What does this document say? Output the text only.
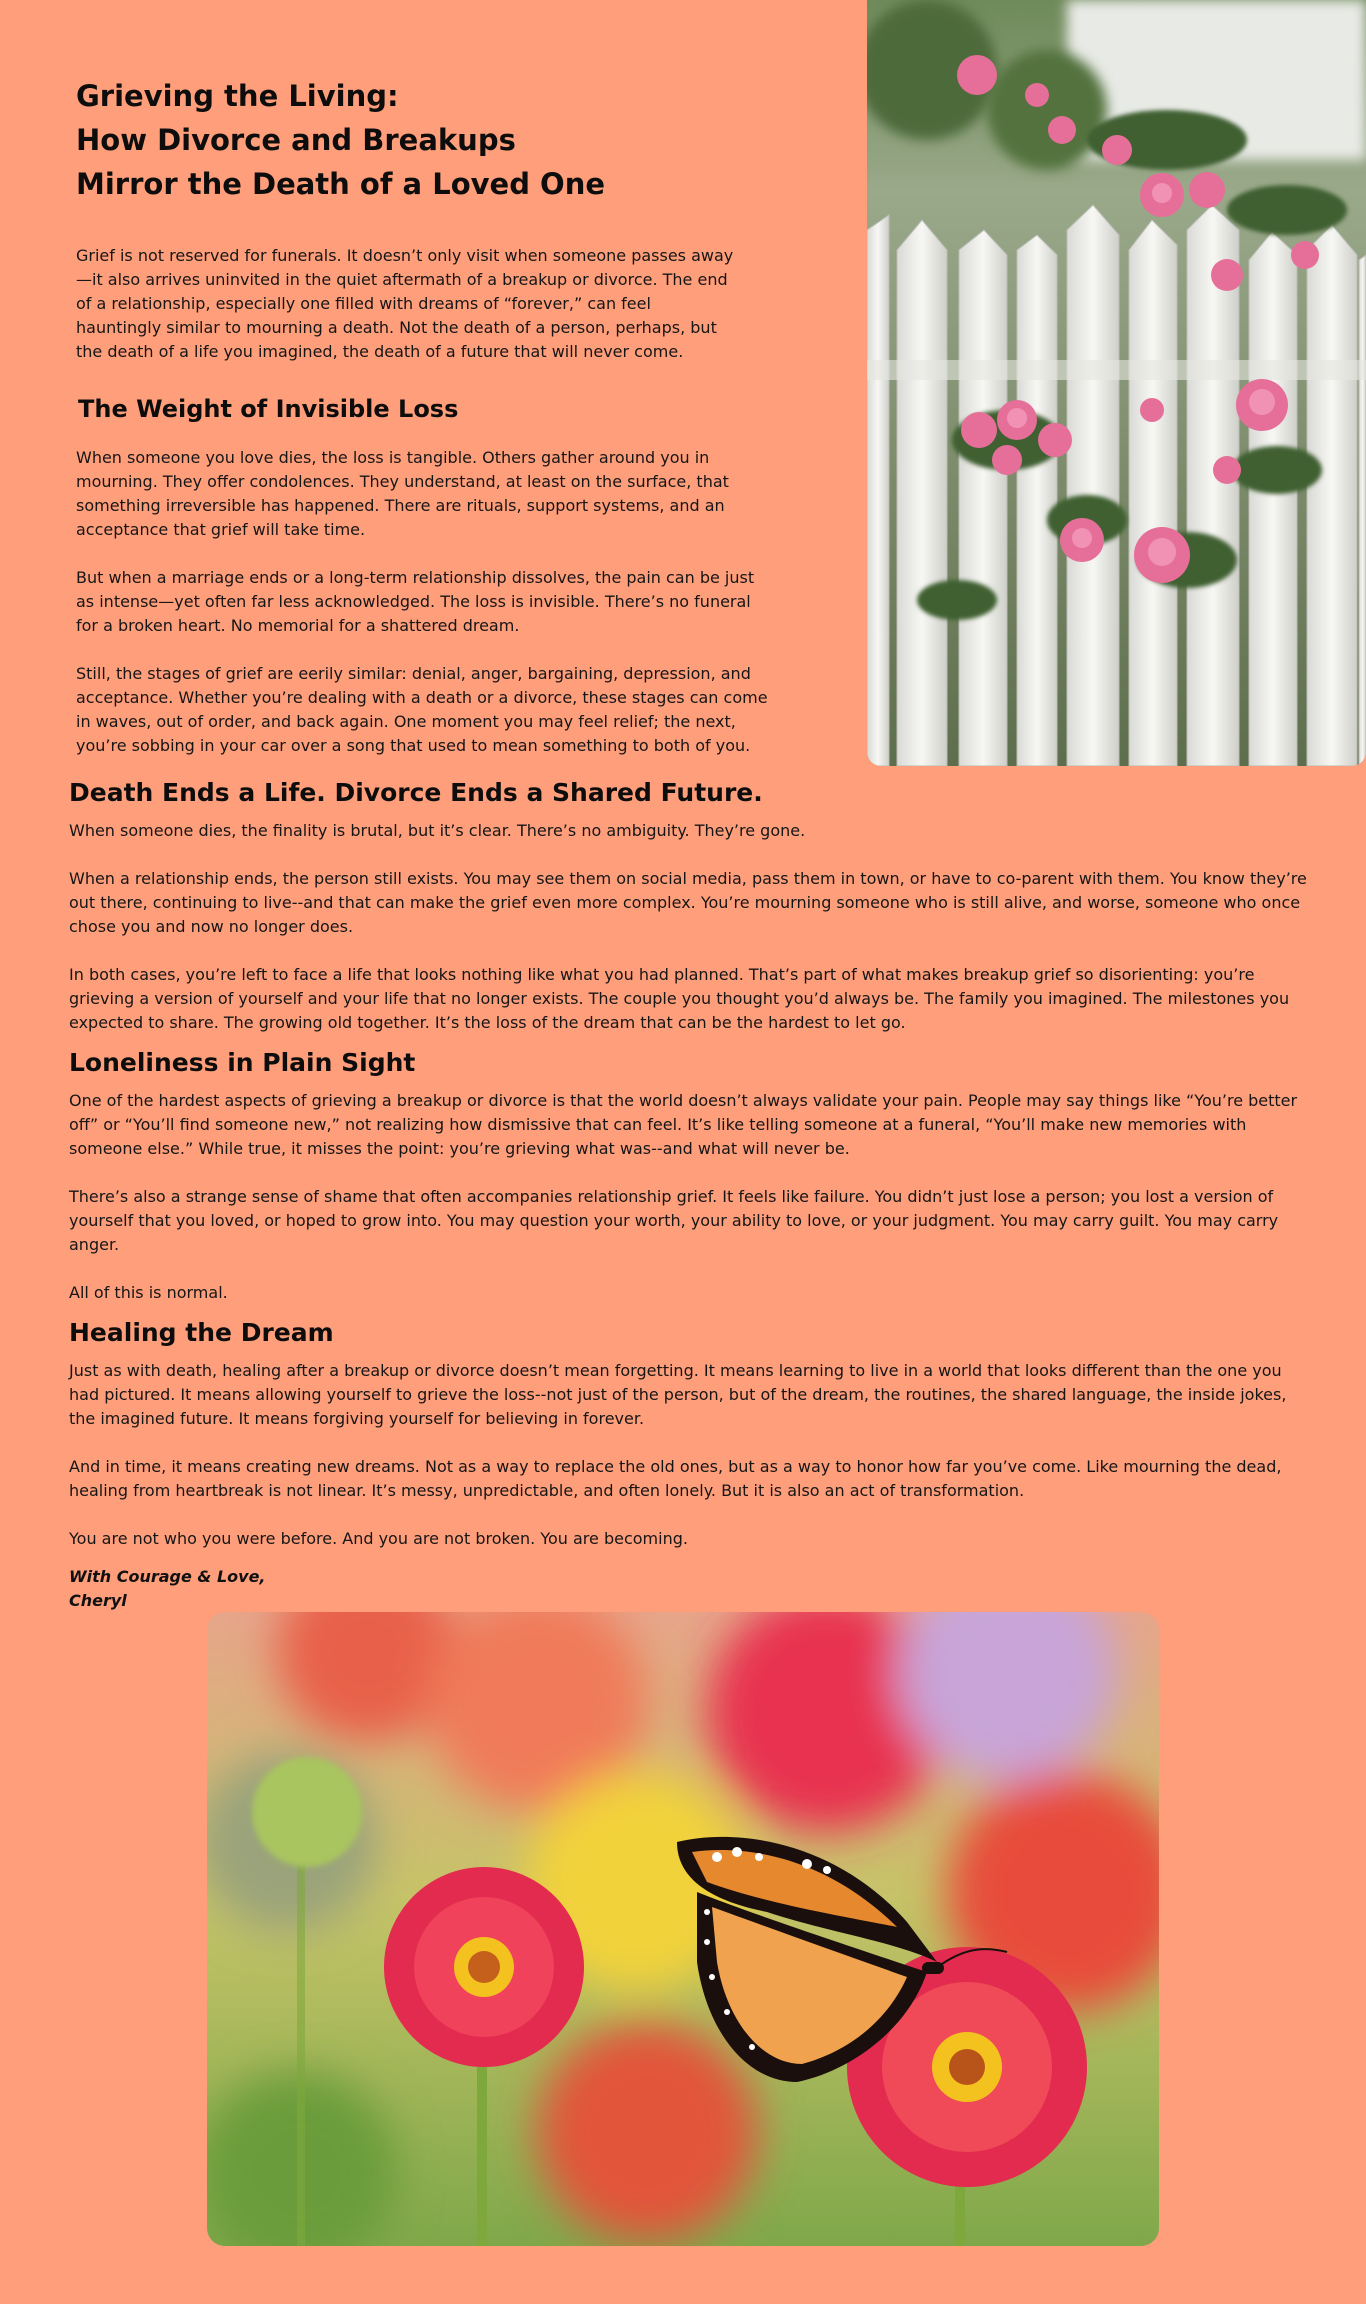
Grieving the Living:
How Divorce and Breakups
Mirror the Death of a Loved One

Grief is not reserved for funerals. It doesn’t only visit when someone passes away—it also arrives uninvited in the quiet aftermath of a breakup or divorce. The end of a relationship, especially one filled with dreams of “forever,” can feel hauntingly similar to mourning a death. Not the death of a person, perhaps, but the death of a life you imagined, the death of a future that will never come.

The Weight of Invisible Loss

When someone you love dies, the loss is tangible. Others gather around you in mourning. They offer condolences. They understand, at least on the surface, that something irreversible has happened. There are rituals, support systems, and an acceptance that grief will take time.

But when a marriage ends or a long-term relationship dissolves, the pain can be just as intense—yet often far less acknowledged. The loss is invisible. There’s no funeral for a broken heart. No memorial for a shattered dream.

Still, the stages of grief are eerily similar: denial, anger, bargaining, depression, and acceptance. Whether you’re dealing with a death or a divorce, these stages can come in waves, out of order, and back again. One moment you may feel relief; the next, you’re sobbing in your car over a song that used to mean something to both of you.

Death Ends a Life. Divorce Ends a Shared Future.

When someone dies, the finality is brutal, but it’s clear. There’s no ambiguity. They’re gone.

When a relationship ends, the person still exists. You may see them on social media, pass them in town, or have to co-parent with them. You know they’re out there, continuing to live--and that can make the grief even more complex. You’re mourning someone who is still alive, and worse, someone who once chose you and now no longer does.

In both cases, you’re left to face a life that looks nothing like what you had planned. That’s part of what makes breakup grief so disorienting: you’re grieving a version of yourself and your life that no longer exists. The couple you thought you’d always be. The family you imagined. The milestones you expected to share. The growing old together. It’s the loss of the dream that can be the hardest to let go.

Loneliness in Plain Sight

One of the hardest aspects of grieving a breakup or divorce is that the world doesn’t always validate your pain. People may say things like “You’re better off” or “You’ll find someone new,” not realizing how dismissive that can feel. It’s like telling someone at a funeral, “You’ll make new memories with someone else.” While true, it misses the point: you’re grieving what was--and what will never be.

There’s also a strange sense of shame that often accompanies relationship grief. It feels like failure. You didn’t just lose a person; you lost a version of yourself that you loved, or hoped to grow into. You may question your worth, your ability to love, or your judgment. You may carry guilt. You may carry anger.

All of this is normal.

Healing the Dream

Just as with death, healing after a breakup or divorce doesn’t mean forgetting. It means learning to live in a world that looks different than the one you had pictured. It means allowing yourself to grieve the loss--not just of the person, but of the dream, the routines, the shared language, the inside jokes, the imagined future. It means forgiving yourself for believing in forever.

And in time, it means creating new dreams. Not as a way to replace the old ones, but as a way to honor how far you’ve come. Like mourning the dead, healing from heartbreak is not linear. It’s messy, unpredictable, and often lonely. But it is also an act of transformation.

You are not who you were before. And you are not broken. You are becoming.

With Courage & Love,
Cheryl
